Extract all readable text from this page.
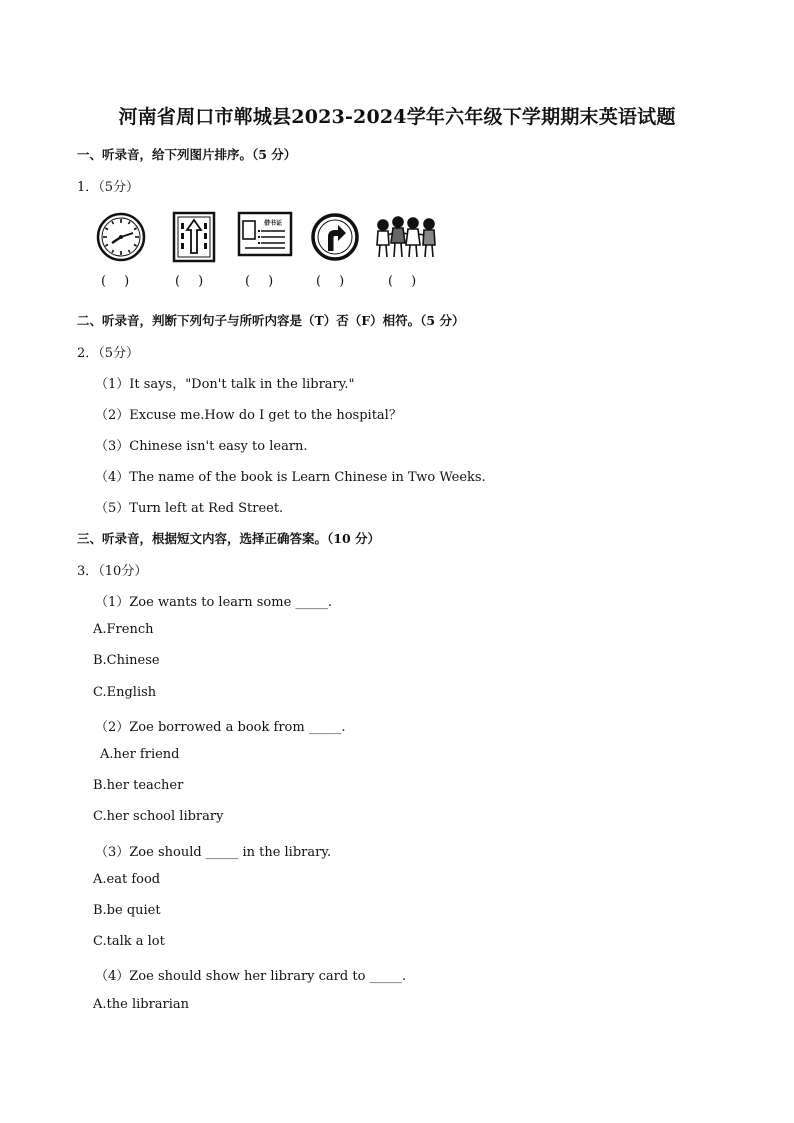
河南省周口市郸城县2023-2024学年六年级下学期期末英语试题
一、听录音，给下列图片排序。（5 分）
1．（5分）
借书证
( )	( )	( )	( )	( )
二、听录音，判断下列句子与所听内容是（T）否（F）相符。（5 分）
2．（5分）
（1）It says，"Don't talk in the library."
（2）Excuse me.How do I get to the hospital？
（3）Chinese isn't easy to learn.
（4）The name of the book is Learn Chinese in Two Weeks.
（5）Turn left at Red Street.
三、听录音，根据短文内容，选择正确答案。（10 分）
3．（10分）
（1）Zoe wants to learn some _____.
A.French
B.Chinese
C.English
（2）Zoe borrowed a book from _____.
A.her friend
B.her teacher
C.her school library
（3）Zoe should _____ in the library.
A.eat food
B.be quiet
C.talk a lot
（4）Zoe should show her library card to _____.
A.the librarian
